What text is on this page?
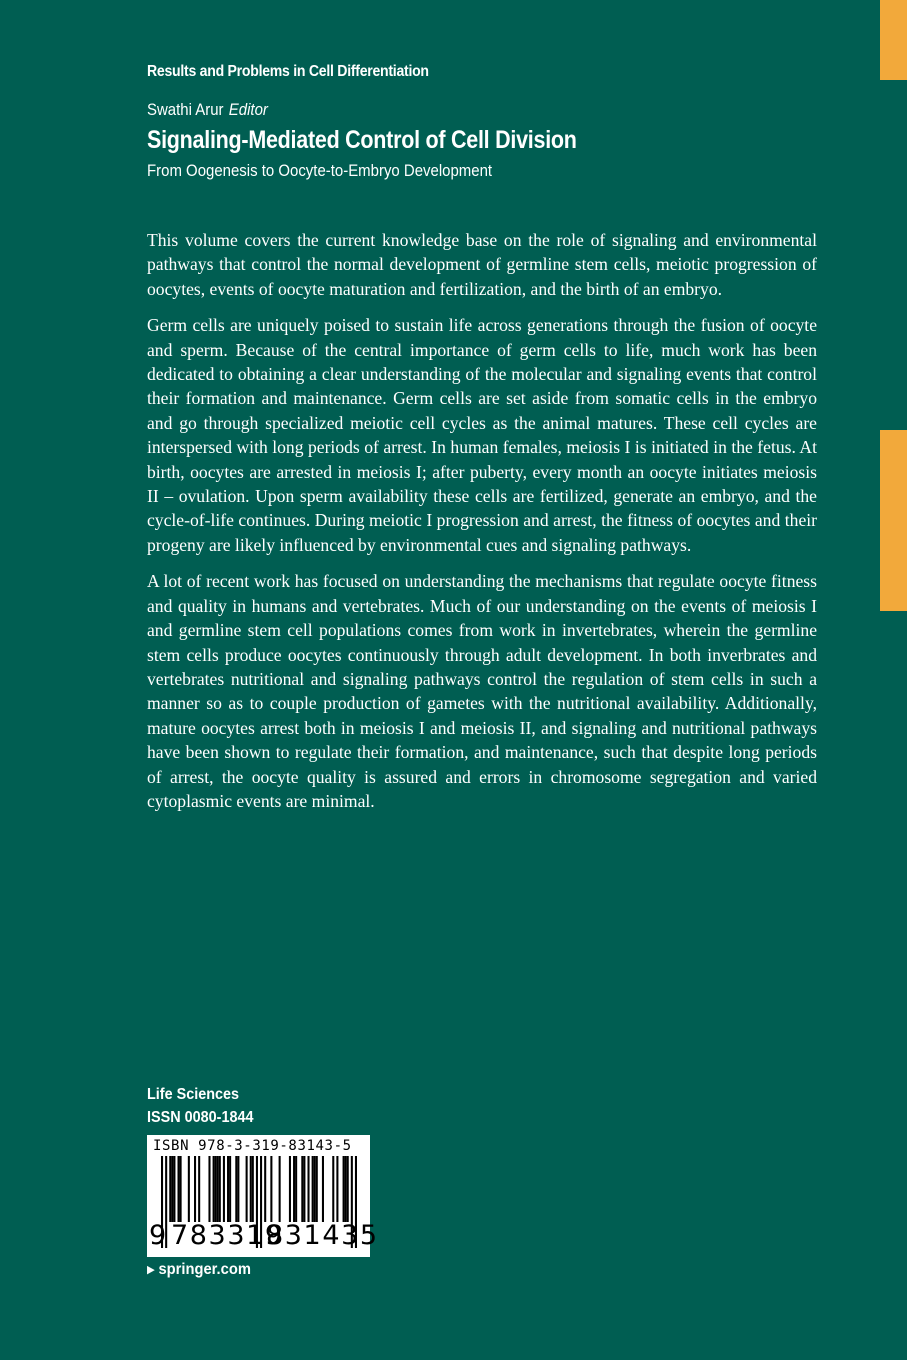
Results and Problems in Cell Differentiation
Swathi Arur Editor
Signaling-Mediated Control of Cell Division
From Oogenesis to Oocyte-to-Embryo Development

This volume covers the current knowledge base on the role of signaling and environmental pathways that control the normal development of germline stem cells, meiotic progression of oocytes, events of oocyte maturation and fertilization, and the birth of an embryo.

Germ cells are uniquely poised to sustain life across generations through the fusion of oocyte and sperm. Because of the central importance of germ cells to life, much work has been dedicated to obtaining a clear understanding of the molecular and signaling events that control their formation and maintenance. Germ cells are set aside from somatic cells in the embryo and go through specialized meiotic cell cycles as the animal matures. These cell cycles are interspersed with long periods of arrest. In human females, meiosis I is initiated in the fetus. At birth, oocytes are arrested in meiosis I; after puberty, every month an oocyte initiates meiosis II – ovulation. Upon sperm availability these cells are fertilized, generate an embryo, and the cycle-of-life continues. During meiotic I progression and arrest, the fitness of oocytes and their progeny are likely influenced by environmental cues and signaling pathways.

A lot of recent work has focused on understanding the mechanisms that regulate oocyte fitness and quality in humans and vertebrates. Much of our understanding on the events of meiosis I and germline stem cell populations comes from work in invertebrates, wherein the germline stem cells produce oocytes continuously through adult development. In both inverbrates and vertebrates nutritional and signaling pathways control the regulation of stem cells in such a manner so as to couple production of gametes with the nutritional availability. Additionally, mature oocytes arrest both in meiosis I and meiosis II, and signaling and nutritional pathways have been shown to regulate their formation, and maintenance, such that despite long periods of arrest, the oocyte quality is assured and errors in chromosome segregation and varied cytoplasmic events are minimal.

Life Sciences
ISSN 0080-1844
ISBN 978-3-319-83143-5
9 783319
831435
▶ springer.com
